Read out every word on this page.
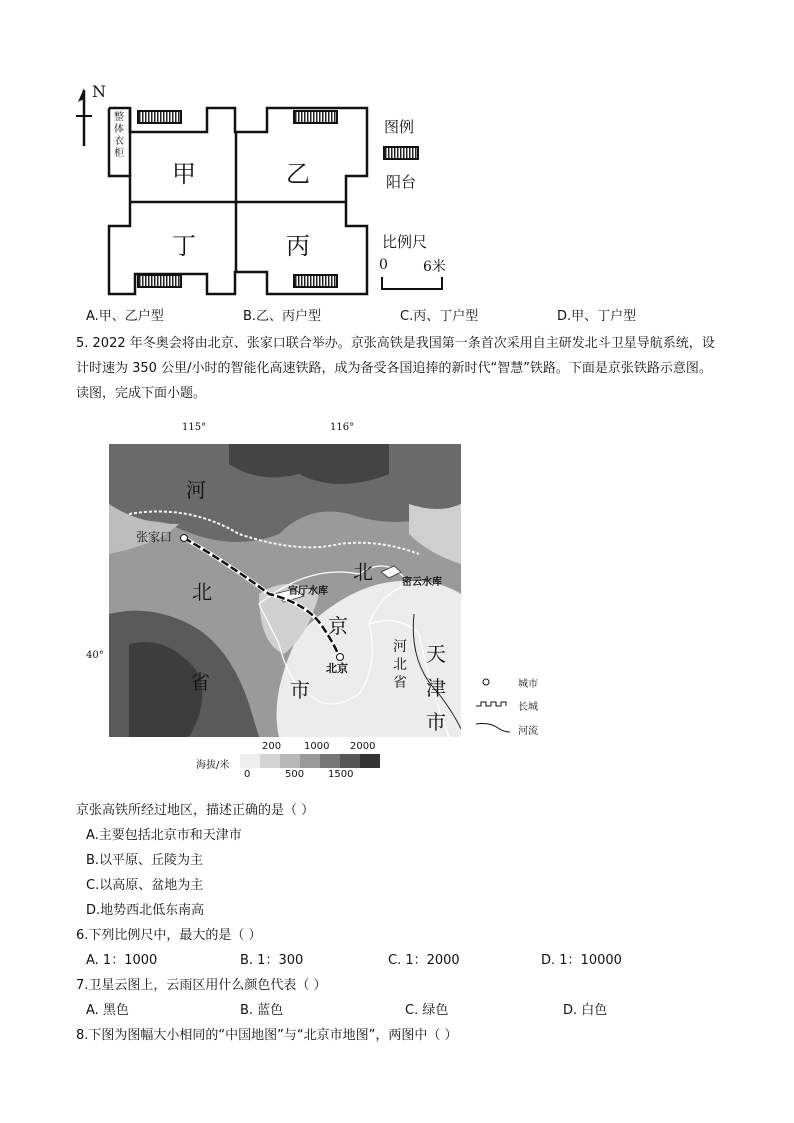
N
整体衣柜
甲	乙
丁	丙
图例
阳台
比例尺
0	6米
A.甲、乙户型	B.乙、丙户型	C.丙、丁户型	D.甲、丁户型
5. 2022 年冬奥会将由北京、张家口联合举办。京张高铁是我国第一条首次采用自主研发北斗卫星导航系统，设计时速为 350 公里/小时的智能化高速铁路，成为备受各国追捧的新时代“智慧”铁路。下面是京张铁路示意图。读图，完成下面小题。
115°	116°
40°
张家口
官厅水库
密云水库
北京
河
北
省
北
京
市
河北省
天
津
市
城市
长城
河流
海拔/米
200 1000 2000
0	500 1500
京张高铁所经过地区，描述正确的是（ ）
A.主要包括北京市和天津市
B.以平原、丘陵为主
C.以高原、盆地为主
D.地势西北低东南高
6.下列比例尺中，最大的是（ ）
A. 1：1000	B. 1：300	C. 1：2000	D. 1：10000
7.卫星云图上，云雨区用什么颜色代表（ ）
A. 黑色	B. 蓝色	C. 绿色	D. 白色
8.下图为图幅大小相同的“中国地图”与“北京市地图”，两图中（ ）
